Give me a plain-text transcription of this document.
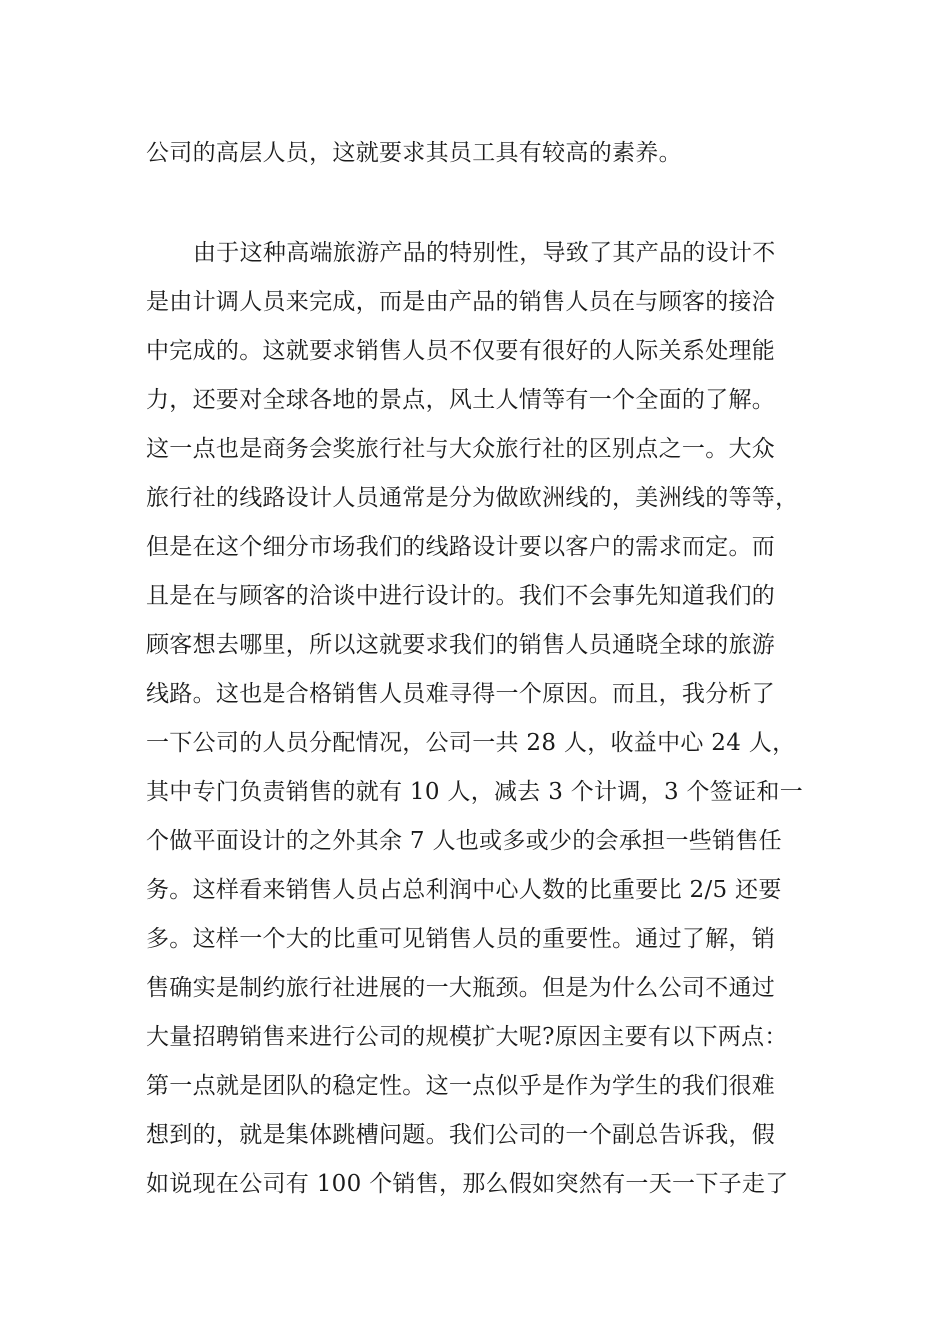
公司的高层人员，这就要求其员工具有较高的素养。
由于这种高端旅游产品的特别性，导致了其产品的设计不
是由计调人员来完成，而是由产品的销售人员在与顾客的接洽
中完成的。这就要求销售人员不仅要有很好的人际关系处理能
力，还要对全球各地的景点，风土人情等有一个全面的了解。
这一点也是商务会奖旅行社与大众旅行社的区别点之一。大众
旅行社的线路设计人员通常是分为做欧洲线的，美洲线的等等，
但是在这个细分市场我们的线路设计要以客户的需求而定。而
且是在与顾客的洽谈中进行设计的。我们不会事先知道我们的
顾客想去哪里，所以这就要求我们的销售人员通晓全球的旅游
线路。这也是合格销售人员难寻得一个原因。而且，我分析了
一下公司的人员分配情况，公司一共 28 人，收益中心 24 人，
其中专门负责销售的就有 10 人，减去 3 个计调，3 个签证和一
个做平面设计的之外其余 7 人也或多或少的会承担一些销售任
务。这样看来销售人员占总利润中心人数的比重要比 2/5 还要
多。这样一个大的比重可见销售人员的重要性。通过了解，销
售确实是制约旅行社进展的一大瓶颈。但是为什么公司不通过
大量招聘销售来进行公司的规模扩大呢?原因主要有以下两点：
第一点就是团队的稳定性。这一点似乎是作为学生的我们很难
想到的，就是集体跳槽问题。我们公司的一个副总告诉我，假
如说现在公司有 100 个销售，那么假如突然有一天一下子走了
